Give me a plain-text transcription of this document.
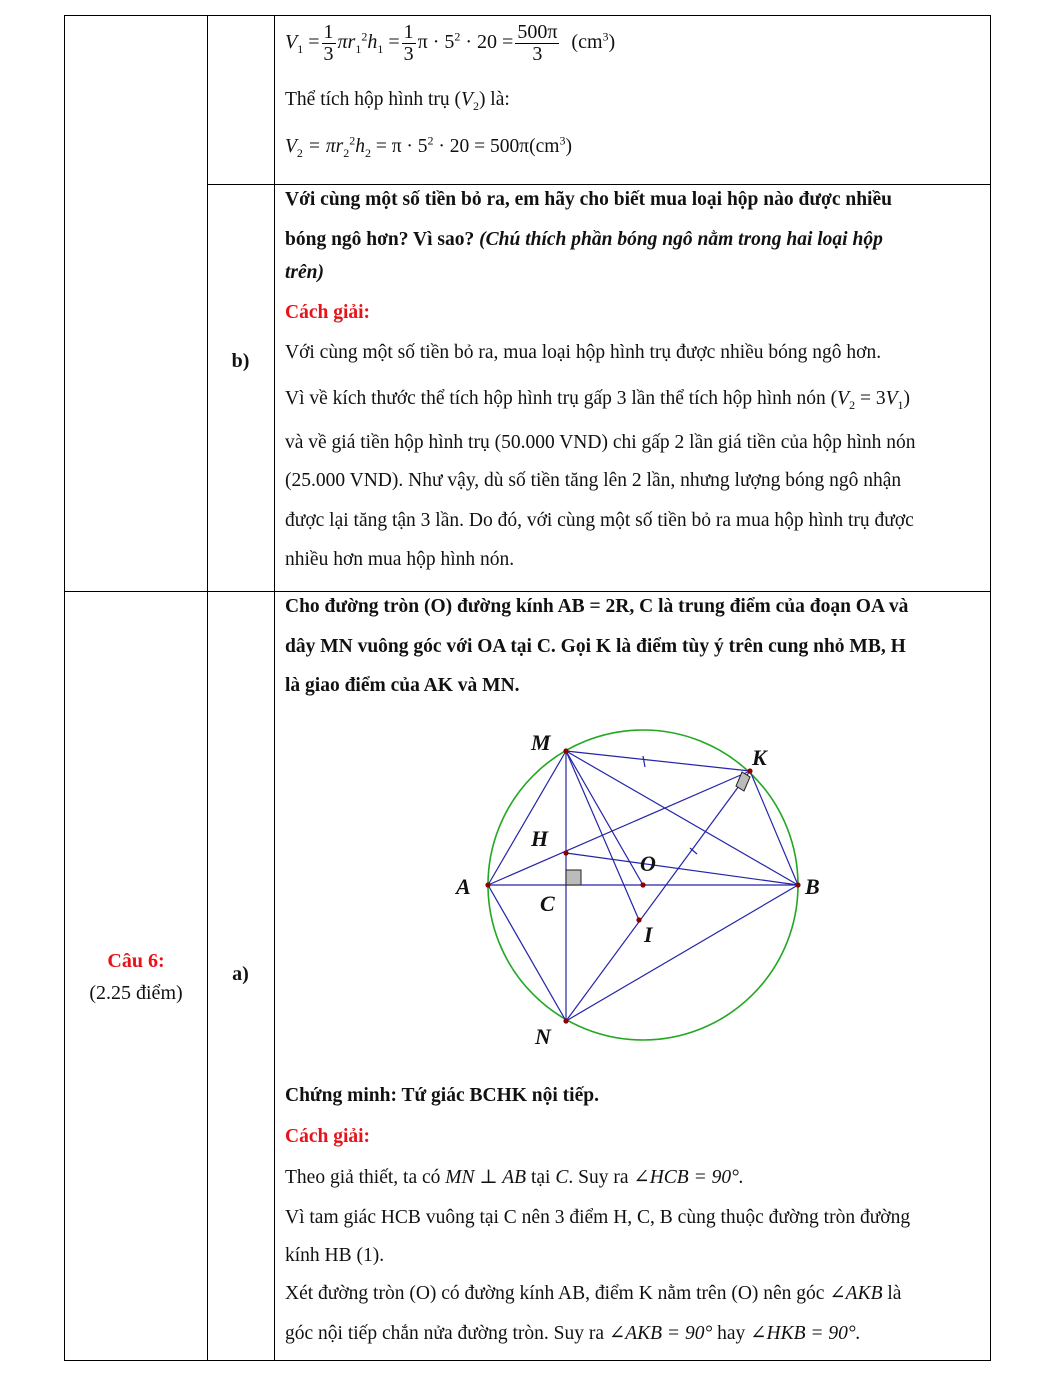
$V_1 = \frac{1}{3} \pi r_1^2h_1 = \frac{1}{3}$ $\pi \cdot 5^2 \cdot 20 = \frac{500\pi}{3} (cm^3)$
Thể tích hộp hình trụ $(V_2)$ là:
$V_2 = \pi r_2^2h_2 = \pi \cdot 5^2 \cdot 20 = 500\pi(cm^3)$
b)
Với cùng một số tiền bỏ ra, em hãy cho biết mua loại hộp nào được nhiều
bóng ngô hơn? Vì sao? (Chú thích phần bóng ngô nằm trong hai loại hộp
trên)
Cách giải:
Với cùng một số tiền bỏ ra, mua loại hộp hình trụ được nhiều bóng ngô hơn.
Vì về kích thước thể tích hộp hình trụ gấp 3 lần thể tích hộp hình nón $(V_2 = 3V_1)$
và về giá tiền hộp hình trụ (50.000 VND) chi gấp 2 lần giá tiền của hộp hình nón
(25.000 VND). Như vậy, dù số tiền tăng lên 2 lần, nhưng lượng bóng ngô nhận
được lại tăng tận 3 lần. Do đó, với cùng một số tiền bỏ ra mua hộp hình trụ được
nhiều hơn mua hộp hình nón.
Câu 6:
(2.25 điểm)
a)
Cho đường tròn (O) đường kính AB = 2R, C là trung điểm của đoạn OA và
dây MN vuông góc với OA tại C. Gọi K là điểm tùy ý trên cung nhỏ MB, H
là giao điểm của AK và MN.
M
K
H
O
A	B
C
I
N
Chứng minh: Tứ giác BCHK nội tiếp.
Cách giải:
Theo giả thiết, ta có MN ⊥ AB tại C. Suy ra ∠HCB = 90°.
Vì tam giác HCB vuông tại C nên 3 điểm H, C, B cùng thuộc đường tròn đường
kính HB (1).
Xét đường tròn (O) có đường kính AB, điểm K nằm trên (O) nên góc ∠AKB là
góc nội tiếp chắn nửa đường tròn. Suy ra ∠AKB = 90° hay ∠HKB = 90°.
